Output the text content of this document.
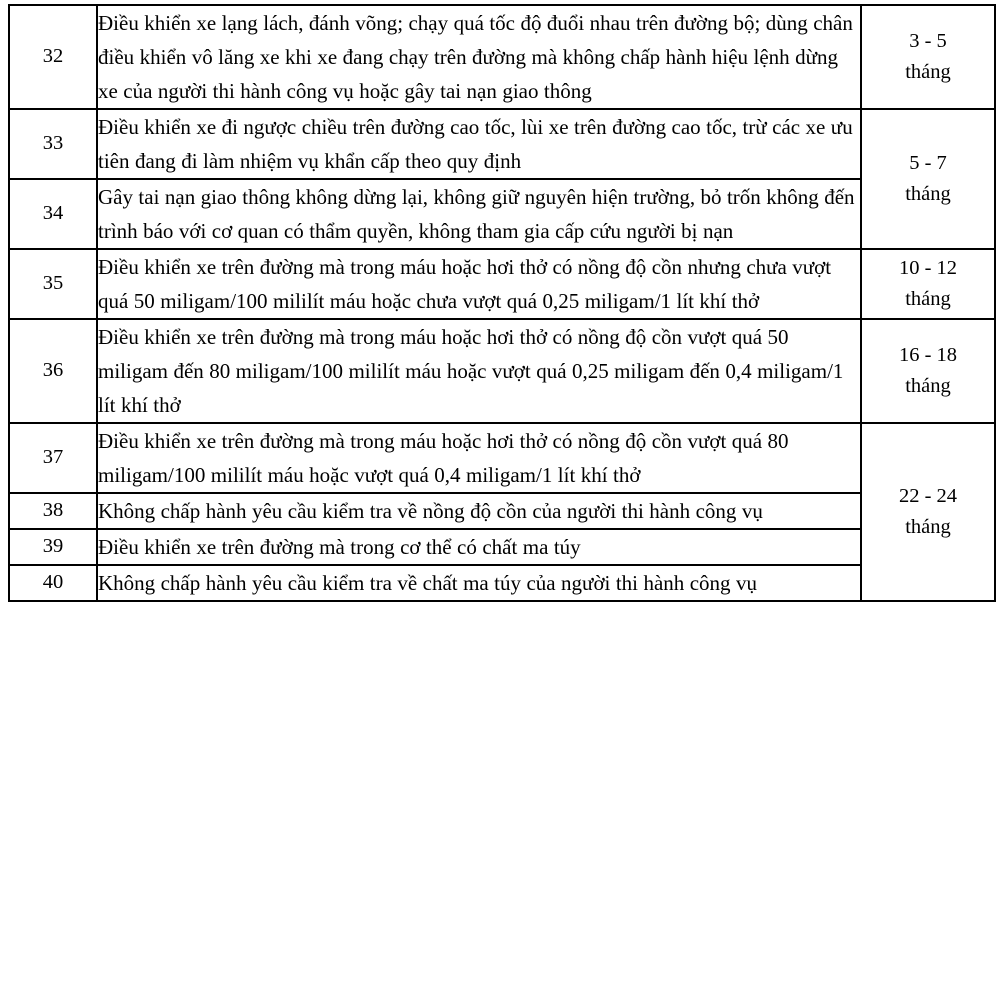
32	Điều khiển xe lạng lách, đánh võng; chạy quá tốc độ đuổi nhau trên đường bộ; dùng chân điều khiển vô lăng xe khi xe đang chạy trên đường mà không chấp hành hiệu lệnh dừng xe của người thi hành công vụ hoặc gây tai nạn giao thông	3 - 5
tháng

33	Điều khiển xe đi ngược chiều trên đường cao tốc, lùi xe trên đường cao tốc, trừ các xe ưu tiên đang đi làm nhiệm vụ khẩn cấp theo quy định	5 - 7
tháng

34	Gây tai nạn giao thông không dừng lại, không giữ nguyên hiện trường, bỏ trốn không đến trình báo với cơ quan có thẩm quyền, không tham gia cấp cứu người bị nạn	
35	Điều khiển xe trên đường mà trong máu hoặc hơi thở có nồng độ cồn nhưng chưa vượt quá 50 miligam/100 mililít máu hoặc chưa vượt quá 0,25 miligam/1 lít khí thở	10 - 12
tháng

36	Điều khiển xe trên đường mà trong máu hoặc hơi thở có nồng độ cồn vượt quá 50 miligam đến 80 miligam/100 mililít máu hoặc vượt quá 0,25 miligam đến 0,4 miligam/1 lít khí thở	16 - 18
tháng

37	Điều khiển xe trên đường mà trong máu hoặc hơi thở có nồng độ cồn vượt quá 80 miligam/100 mililít máu hoặc vượt quá 0,4 miligam/1 lít khí thở	22 - 24
tháng

38	Không chấp hành yêu cầu kiểm tra về nồng độ cồn của người thi hành công vụ	
39	Điều khiển xe trên đường mà trong cơ thể có chất ma túy	
40	Không chấp hành yêu cầu kiểm tra về chất ma túy của người thi hành công vụ	
